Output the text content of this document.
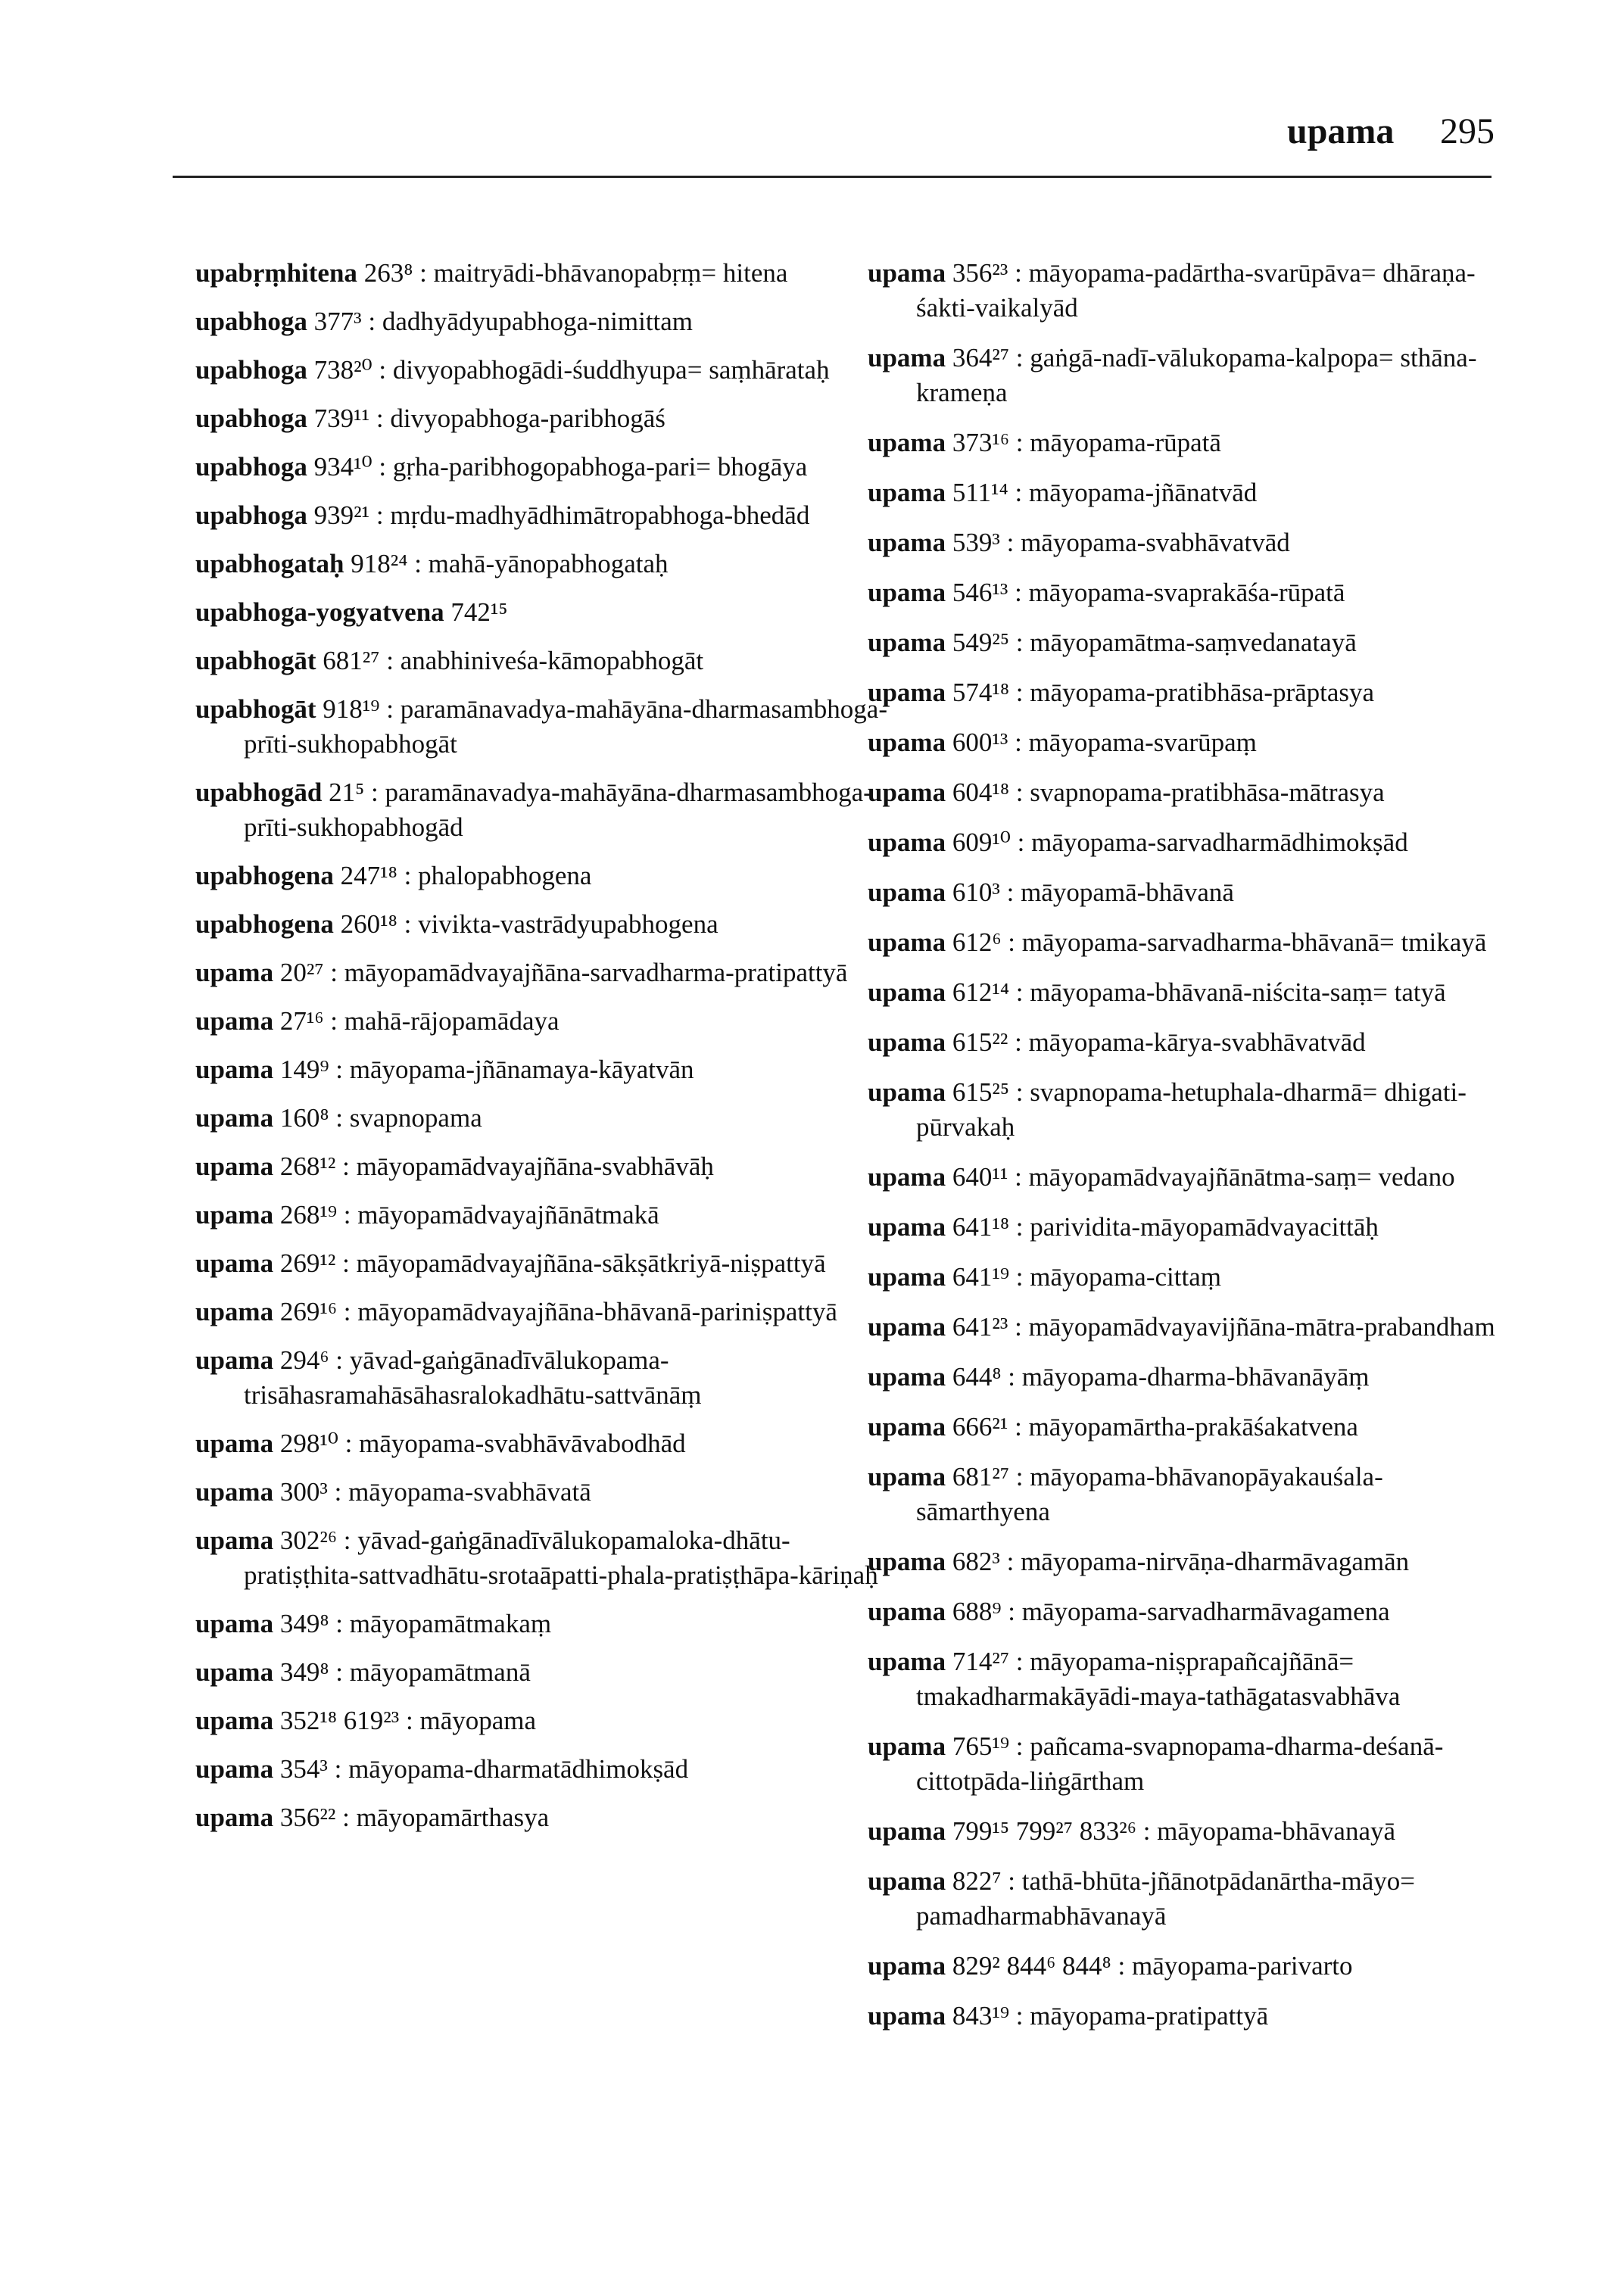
upama 295
upabṛṃhitena 263⁸ : maitryādi-bhāvanopabṛṃ= hitena
upabhoga 377³ : dadhyādyupabhoga-nimittam
upabhoga 738²⁰ : divyopabhogādi-śuddhyupa= saṃhārataḥ
upabhoga 739¹¹ : divyopabhoga-paribhogāś
upabhoga 934¹⁰ : gṛha-paribhogopabhoga-pari= bhogāya
upabhoga 939²¹ : mṛdu-madhyādhimātropabhoga-bhedād
upabhogataḥ 918²⁴ : mahā-yānopabhogataḥ
upabhoga-yogyatvena 742¹⁵
upabhogāt 681²⁷ : anabhiniveśa-kāmopabhogāt
upabhogāt 918¹⁹ : paramānavadya-mahāyāna-dharmasambhoga-prīti-sukhopabhogāt
upabhogād 21⁵ : paramānavadya-mahāyāna-dharmasambhoga-prīti-sukhopabhogād
upabhogena 247¹⁸ : phalopabhogena
upabhogena 260¹⁸ : vivikta-vastrādyupabhogena
upama 20²⁷ : māyopamādvayajñāna-sarvadharma-pratipattyā
upama 27¹⁶ : mahā-rājopamādaya
upama 149⁹ : māyopama-jñānamaya-kāyatvān
upama 160⁸ : svapnopama
upama 268¹² : māyopamādvayajñāna-svabhāvāḥ
upama 268¹⁹ : māyopamādvayajñānātmakā
upama 269¹² : māyopamādvayajñāna-sākṣātkriyā-niṣpattyā
upama 269¹⁶ : māyopamādvayajñāna-bhāvanā-pariniṣpattyā
upama 294⁶ : yāvad-gaṅgānadīvālukopama-trisāhasramahāsāhasralokadhātu-sattvānāṃ
upama 298¹⁰ : māyopama-svabhāvāvabodhād
upama 300³ : māyopama-svabhāvatā
upama 302²⁶ : yāvad-gaṅgānadīvālukopamaloka-dhātu-pratiṣṭhita-sattvadhātu-srotaāpatti-phala-pratiṣṭhāpa-kāriṇaḥ
upama 349⁸ : māyopamātmakaṃ
upama 349⁸ : māyopamātmanā
upama 352¹⁸ 619²³ : māyopama
upama 354³ : māyopama-dharmatādhimokṣād
upama 356²² : māyopamārthasya
upama 356²³ : māyopama-padārtha-svarūpāva= dhāraṇa-śakti-vaikalyād
upama 364²⁷ : gaṅgā-nadī-vālukopama-kalpopa= sthāna-krameṇa
upama 373¹⁶ : māyopama-rūpatā
upama 511¹⁴ : māyopama-jñānatvād
upama 539³ : māyopama-svabhāvatvād
upama 546¹³ : māyopama-svaprakāśa-rūpatā
upama 549²⁵ : māyopamātma-saṃvedanatayā
upama 574¹⁸ : māyopama-pratibhāsa-prāptasya
upama 600¹³ : māyopama-svarūpaṃ
upama 604¹⁸ : svapnopama-pratibhāsa-mātrasya
upama 609¹⁰ : māyopama-sarvadharmādhimokṣād
upama 610³ : māyopamā-bhāvanā
upama 612⁶ : māyopama-sarvadharma-bhāvanā= tmikayā
upama 612¹⁴ : māyopama-bhāvanā-niścita-saṃ= tatyā
upama 615²² : māyopama-kārya-svabhāvatvād
upama 615²⁵ : svapnopama-hetuphala-dharmā= dhigati-pūrvakaḥ
upama 640¹¹ : māyopamādvayajñānātma-saṃ= vedano
upama 641¹⁸ : parividita-māyopamādvayacittāḥ
upama 641¹⁹ : māyopama-cittaṃ
upama 641²³ : māyopamādvayavijñāna-mātra-prabandham
upama 644⁸ : māyopama-dharma-bhāvanāyāṃ
upama 666²¹ : māyopamārtha-prakāśakatvena
upama 681²⁷ : māyopama-bhāvanopāyakauśala-sāmarthyena
upama 682³ : māyopama-nirvāṇa-dharmāvagamān
upama 688⁹ : māyopama-sarvadharmāvagamena
upama 714²⁷ : māyopama-niṣprapañcajñānā= tmakadharmakāyādi-maya-tathāgatasvabhāva
upama 765¹⁹ : pañcama-svapnopama-dharma-deśanā-cittotpāda-liṅgārtham
upama 799¹⁵ 799²⁷ 833²⁶ : māyopama-bhāvanayā
upama 822⁷ : tathā-bhūta-jñānotpādanārtha-māyo= pamadharmabhāvanayā
upama 829² 844⁶ 844⁸ : māyopama-parivarto
upama 843¹⁹ : māyopama-pratipattyā
